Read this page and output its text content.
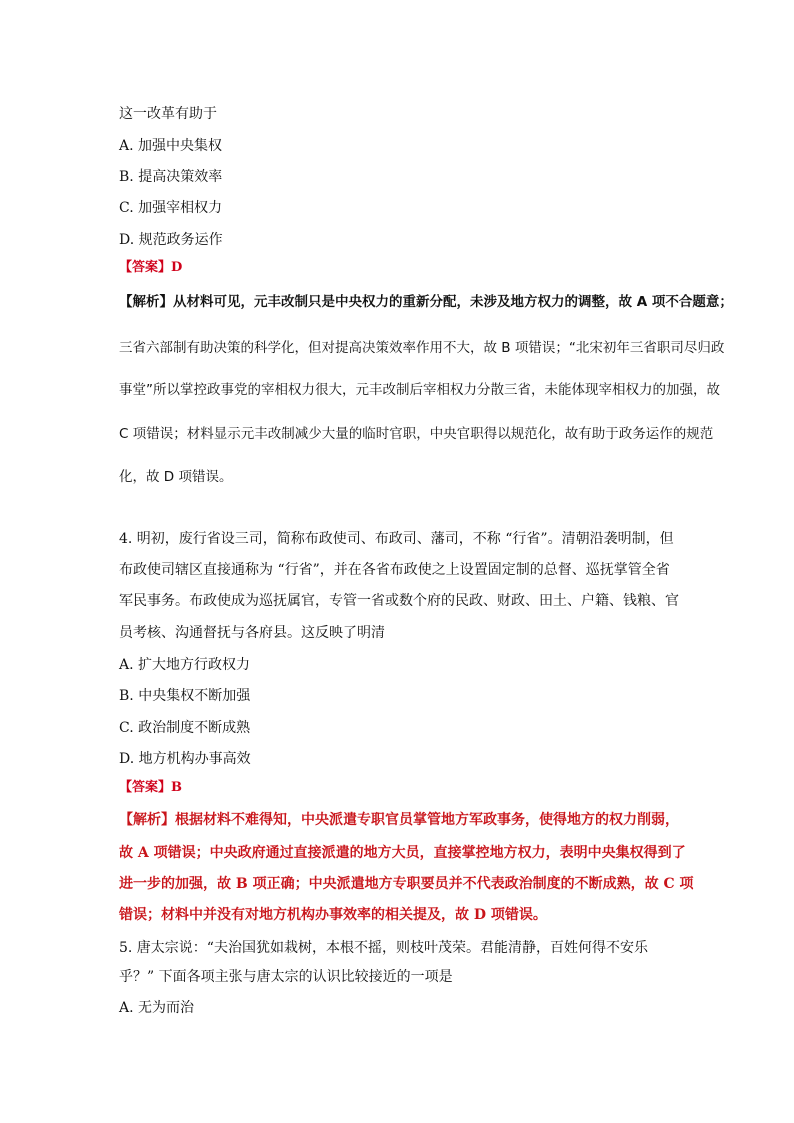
这一改革有助于
A. 加强中央集权
B. 提高决策效率
C. 加强宰相权力
D. 规范政务运作
【答案】D
【解析】从材料可见，元丰改制只是中央权力的重新分配，未涉及地方权力的调整，故 A 项不合题意；
三省六部制有助决策的科学化，但对提高决策效率作用不大，故 B 项错误；“北宋初年三省职司尽归政
事堂”所以掌控政事党的宰相权力很大，元丰改制后宰相权力分散三省，未能体现宰相权力的加强，故
C 项错误；材料显示元丰改制减少大量的临时官职，中央官职得以规范化，故有助于政务运作的规范
化，故 D 项错误。
4. 明初，废行省设三司，简称布政使司、布政司、藩司，不称 “行省”。清朝沿袭明制，但
布政使司辖区直接通称为 “行省”，并在各省布政使之上设置固定制的总督、巡抚掌管全省
军民事务。布政使成为巡抚属官，专管一省或数个府的民政、财政、田土、户籍、钱粮、官
员考核、沟通督抚与各府县。这反映了明清
A. 扩大地方行政权力
B. 中央集权不断加强
C. 政治制度不断成熟
D. 地方机构办事高效
【答案】B
【解析】根据材料不难得知，中央派遣专职官员掌管地方军政事务，使得地方的权力削弱，
故 A 项错误；中央政府通过直接派遣的地方大员，直接掌控地方权力，表明中央集权得到了
进一步的加强，故 B 项正确；中央派遣地方专职要员并不代表政治制度的不断成熟，故 C 项
错误；材料中并没有对地方机构办事效率的相关提及，故 D 项错误。
5. 唐太宗说：“夫治国犹如栽树，本根不摇，则枝叶茂荣。君能清静，百姓何得不安乐
乎？” 下面各项主张与唐太宗的认识比较接近的一项是
A. 无为而治
